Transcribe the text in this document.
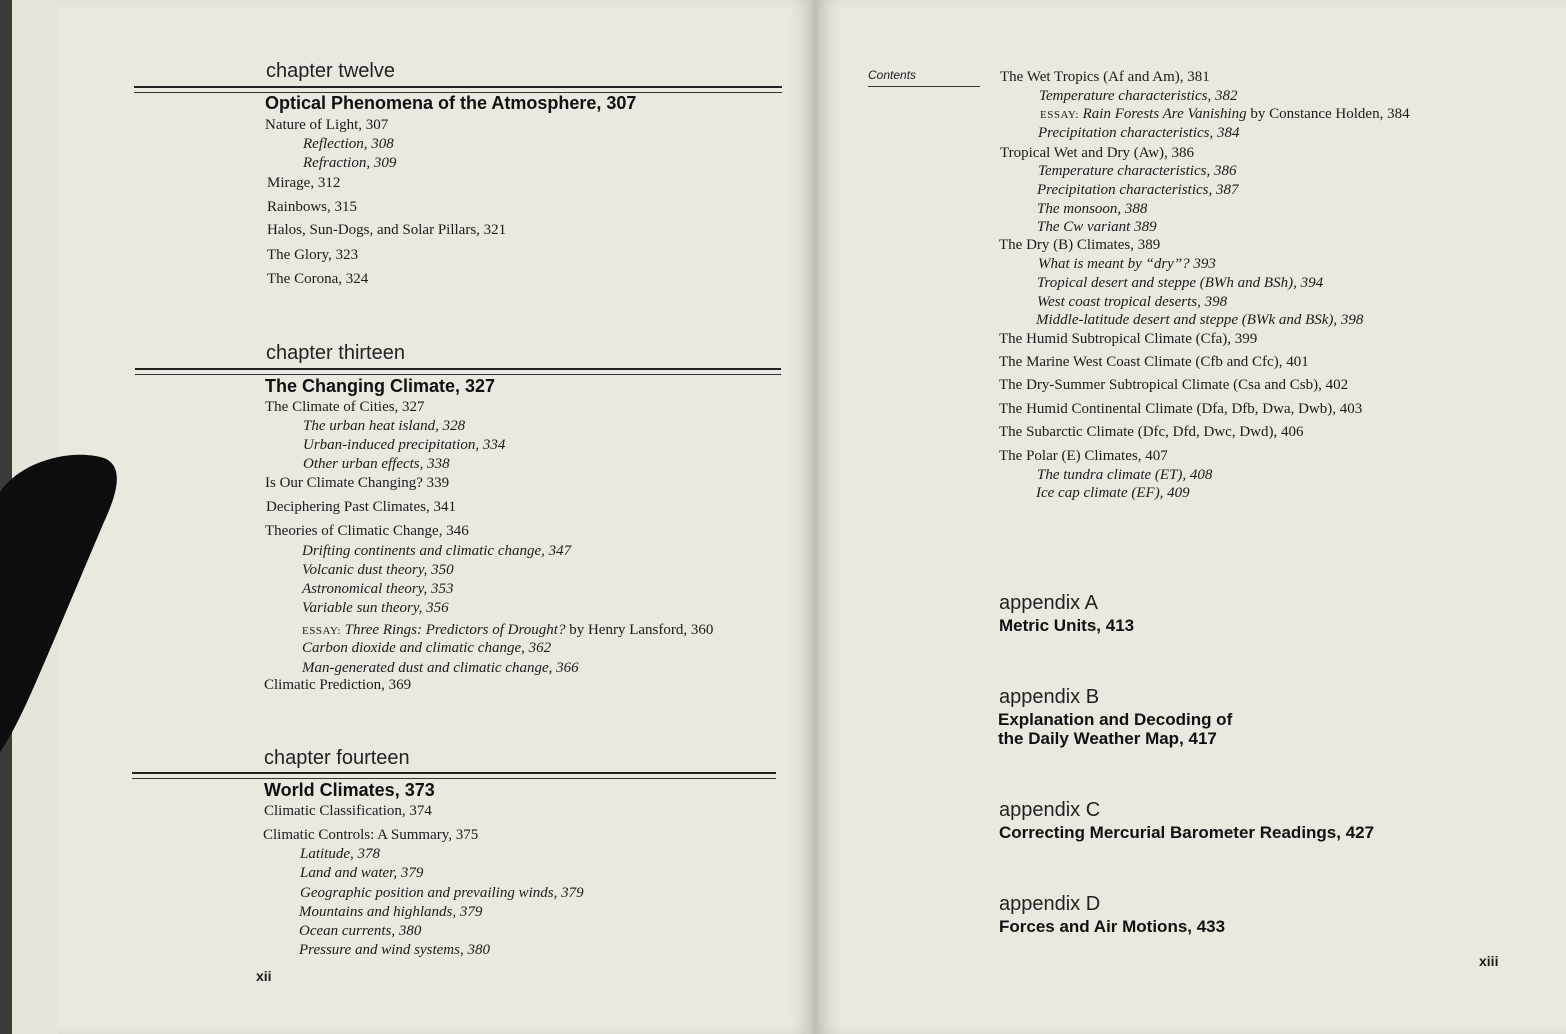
chapter twelve
Optical Phenomena of the Atmosphere, 307
Nature of Light, 307
Reflection, 308
Refraction, 309
Mirage, 312
Rainbows, 315
Halos, Sun-Dogs, and Solar Pillars, 321
The Glory, 323
The Corona, 324
chapter thirteen
The Changing Climate, 327
The Climate of Cities, 327
The urban heat island, 328
Urban-induced precipitation, 334
Other urban effects, 338
Is Our Climate Changing? 339
Deciphering Past Climates, 341
Theories of Climatic Change, 346
Drifting continents and climatic change, 347
Volcanic dust theory, 350
Astronomical theory, 353
Variable sun theory, 356
ESSAY: Three Rings: Predictors of Drought? by Henry Lansford, 360
Carbon dioxide and climatic change, 362
Man-generated dust and climatic change, 366
Climatic Prediction, 369
chapter fourteen
World Climates, 373
Climatic Classification, 374
Climatic Controls: A Summary, 375
Latitude, 378
Land and water, 379
Geographic position and prevailing winds, 379
Mountains and highlands, 379
Ocean currents, 380
Pressure and wind systems, 380
xii
Contents	The Wet Tropics (Af and Am), 381
Temperature characteristics, 382
ESSAY: Rain Forests Are Vanishing by Constance Holden, 384
Precipitation characteristics, 384
Tropical Wet and Dry (Aw), 386
Temperature characteristics, 386
Precipitation characteristics, 387
The monsoon, 388
The Cw variant 389
The Dry (B) Climates, 389
What is meant by “dry”? 393
Tropical desert and steppe (BWh and BSh), 394
West coast tropical deserts, 398
Middle-latitude desert and steppe (BWk and BSk), 398
The Humid Subtropical Climate (Cfa), 399
The Marine West Coast Climate (Cfb and Cfc), 401
The Dry-Summer Subtropical Climate (Csa and Csb), 402
The Humid Continental Climate (Dfa, Dfb, Dwa, Dwb), 403
The Subarctic Climate (Dfc, Dfd, Dwc, Dwd), 406
The Polar (E) Climates, 407
The tundra climate (ET), 408
Ice cap climate (EF), 409
appendix A
Metric Units, 413
appendix B
Explanation and Decoding of
the Daily Weather Map, 417
appendix C
Correcting Mercurial Barometer Readings, 427
appendix D
Forces and Air Motions, 433
xiii
